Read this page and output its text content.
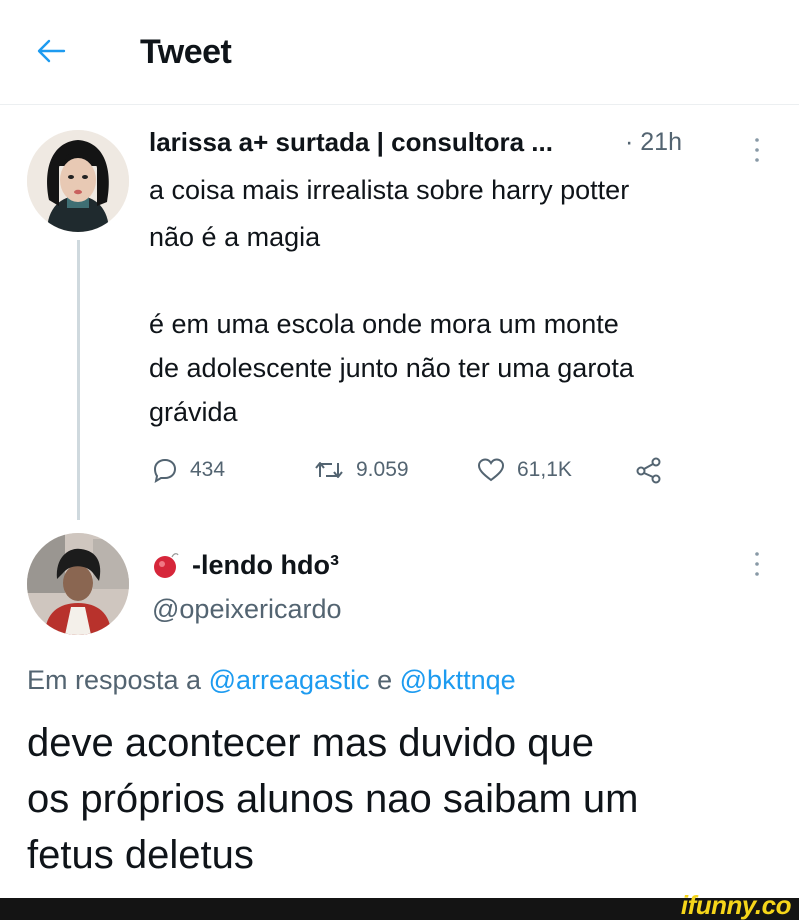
Tweet
larissa a+ surtada | consultora ...	· 21h
a coisa mais irrealista sobre harry potter
não é a magia
é em uma escola onde mora um monte
de adolescente junto não ter uma garota
grávida
434	9.059	61,1K
-lendo hdo³
@opeixericardo
Em resposta a @arreagastic e @bkttnqe
deve acontecer mas duvido que
os próprios alunos nao saibam um
fetus deletus
ifunny.co
